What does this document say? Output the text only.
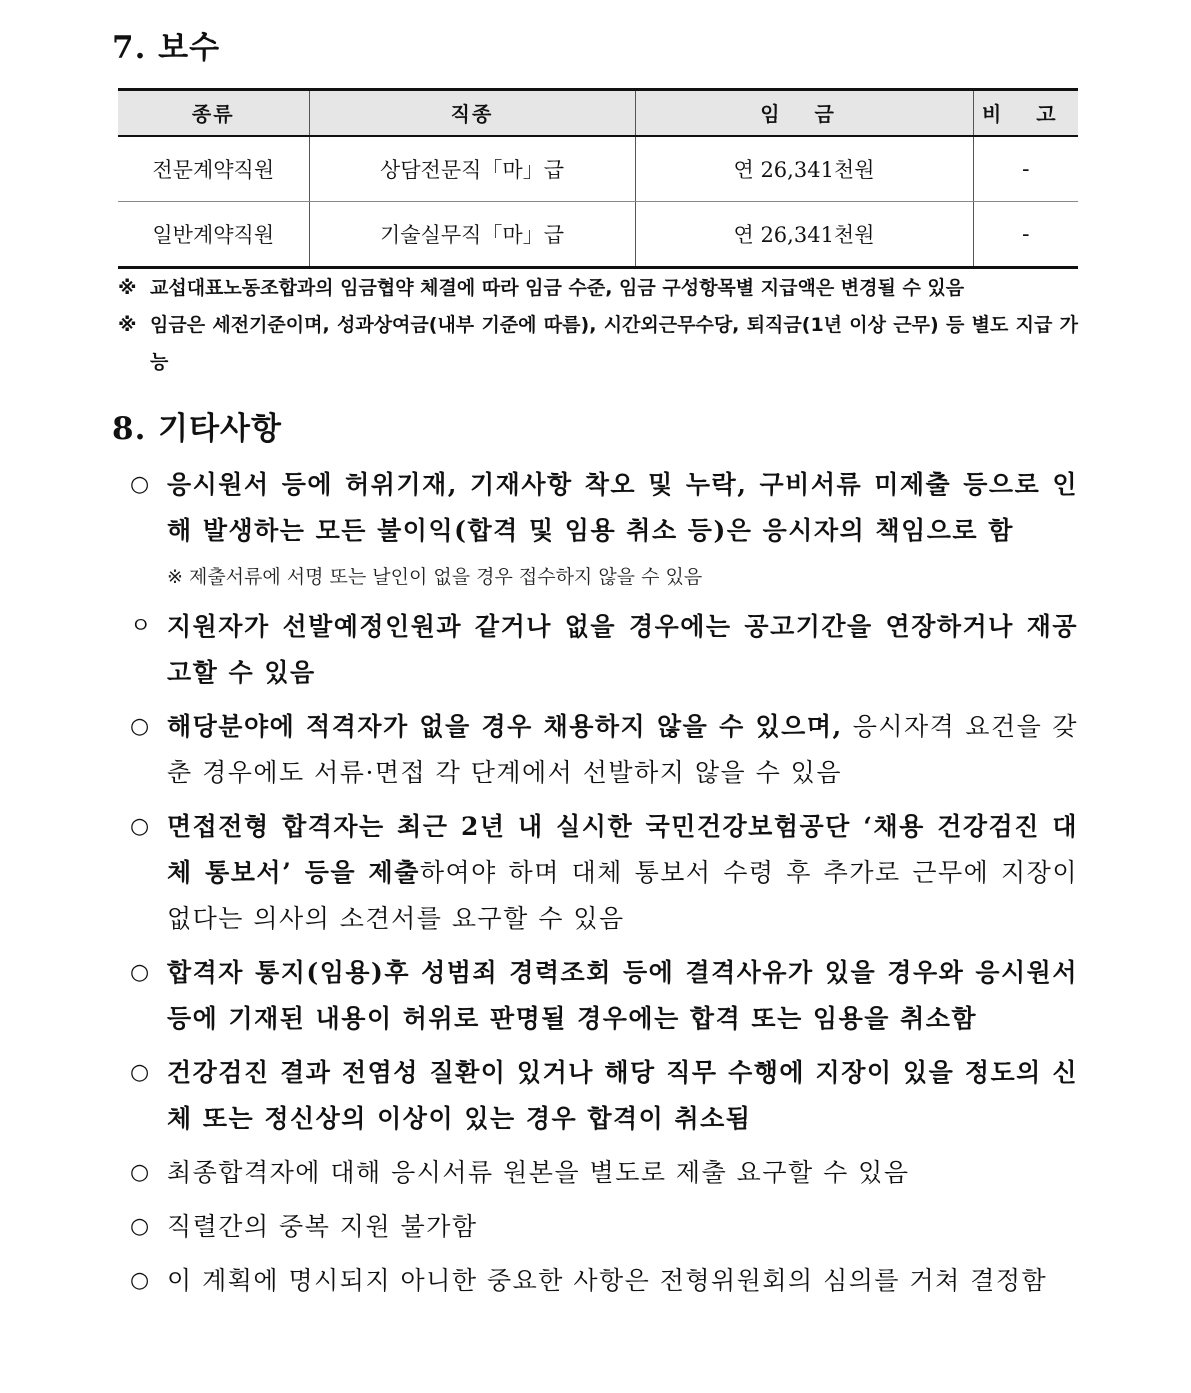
7. 보수
종류	직종	임 금	비 고
전문계약직원	상담전문직「마」급	연 26,341천원	-
일반계약직원	기술실무직「마」급	연 26,341천원	-
※ 교섭대표노동조합과의 임금협약 체결에 따라 임금 수준, 임금 구성항목별 지급액은 변경될 수 있음
※ 임금은 세전기준이며, 성과상여금(내부 기준에 따름), 시간외근무수당, 퇴직금(1년 이상 근무) 등 별도 지급 가능
8. 기타사항

○ 응시원서 등에 허위기재, 기재사항 착오 및 누락, 구비서류 미제출 등으로 인해 발생하는 모든 불이익(합격 및 임용 취소 등)은 응시자의 책임으로 함

※ 제출서류에 서명 또는 날인이 없을 경우 접수하지 않을 수 있음

ㅇ 지원자가 선발예정인원과 같거나 없을 경우에는 공고기간을 연장하거나 재공고할 수 있음

○ 해당분야에 적격자가 없을 경우 채용하지 않을 수 있으며, 응시자격 요건을 갖춘 경우에도 서류·면접 각 단계에서 선발하지 않을 수 있음

○ 면접전형 합격자는 최근 2년 내 실시한 국민건강보험공단 ‘채용 건강검진 대체 통보서’ 등을 제출하여야 하며 대체 통보서 수령 후 추가로 근무에 지장이 없다는 의사의 소견서를 요구할 수 있음

○ 합격자 통지(임용)후 성범죄 경력조회 등에 결격사유가 있을 경우와 응시원서 등에 기재된 내용이 허위로 판명될 경우에는 합격 또는 임용을 취소함

○ 건강검진 결과 전염성 질환이 있거나 해당 직무 수행에 지장이 있을 정도의 신체 또는 정신상의 이상이 있는 경우 합격이 취소됨

○ 최종합격자에 대해 응시서류 원본을 별도로 제출 요구할 수 있음

○ 직렬간의 중복 지원 불가함

○ 이 계획에 명시되지 아니한 중요한 사항은 전형위원회의 심의를 거쳐 결정함
